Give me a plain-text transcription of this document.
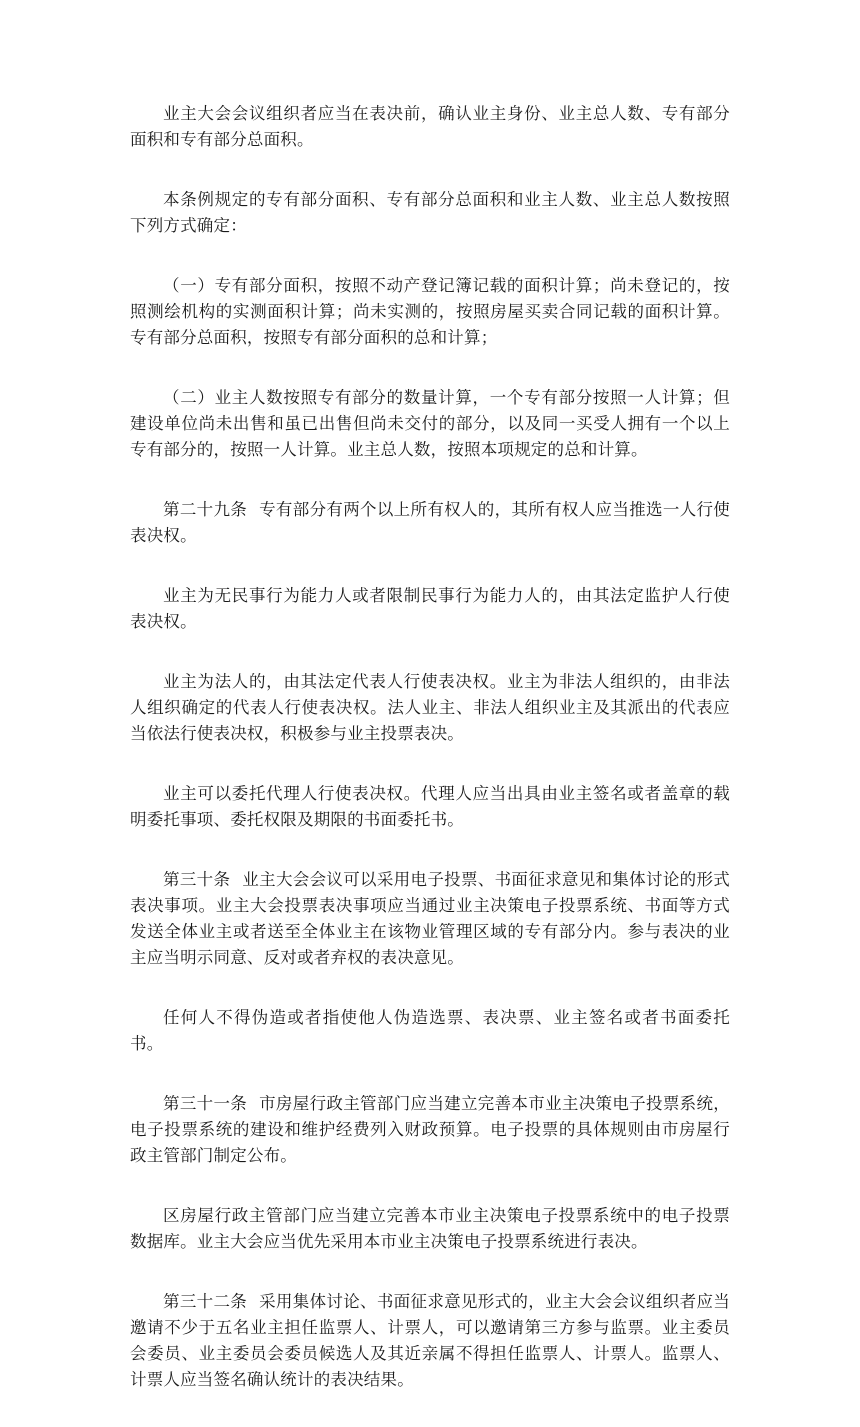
业主大会会议组织者应当在表决前，确认业主身份、业主总人数、专有部分面积和专有部分总面积。

本条例规定的专有部分面积、专有部分总面积和业主人数、业主总人数按照下列方式确定：

（一）专有部分面积，按照不动产登记簿记载的面积计算；尚未登记的，按照测绘机构的实测面积计算；尚未实测的，按照房屋买卖合同记载的面积计算。专有部分总面积，按照专有部分面积的总和计算；

（二）业主人数按照专有部分的数量计算，一个专有部分按照一人计算；但建设单位尚未出售和虽已出售但尚未交付的部分，以及同一买受人拥有一个以上专有部分的，按照一人计算。业主总人数，按照本项规定的总和计算。

第二十九条 专有部分有两个以上所有权人的，其所有权人应当推选一人行使表决权。

业主为无民事行为能力人或者限制民事行为能力人的，由其法定监护人行使表决权。

业主为法人的，由其法定代表人行使表决权。业主为非法人组织的，由非法人组织确定的代表人行使表决权。法人业主、非法人组织业主及其派出的代表应当依法行使表决权，积极参与业主投票表决。

业主可以委托代理人行使表决权。代理人应当出具由业主签名或者盖章的载明委托事项、委托权限及期限的书面委托书。

第三十条 业主大会会议可以采用电子投票、书面征求意见和集体讨论的形式表决事项。业主大会投票表决事项应当通过业主决策电子投票系统、书面等方式发送全体业主或者送至全体业主在该物业管理区域的专有部分内。参与表决的业主应当明示同意、反对或者弃权的表决意见。

任何人不得伪造或者指使他人伪造选票、表决票、业主签名或者书面委托书。

第三十一条 市房屋行政主管部门应当建立完善本市业主决策电子投票系统，电子投票系统的建设和维护经费列入财政预算。电子投票的具体规则由市房屋行政主管部门制定公布。

区房屋行政主管部门应当建立完善本市业主决策电子投票系统中的电子投票数据库。业主大会应当优先采用本市业主决策电子投票系统进行表决。

第三十二条 采用集体讨论、书面征求意见形式的，业主大会会议组织者应当邀请不少于五名业主担任监票人、计票人，可以邀请第三方参与监票。业主委员会委员、业主委员会委员候选人及其近亲属不得担任监票人、计票人。监票人、计票人应当签名确认统计的表决结果。
